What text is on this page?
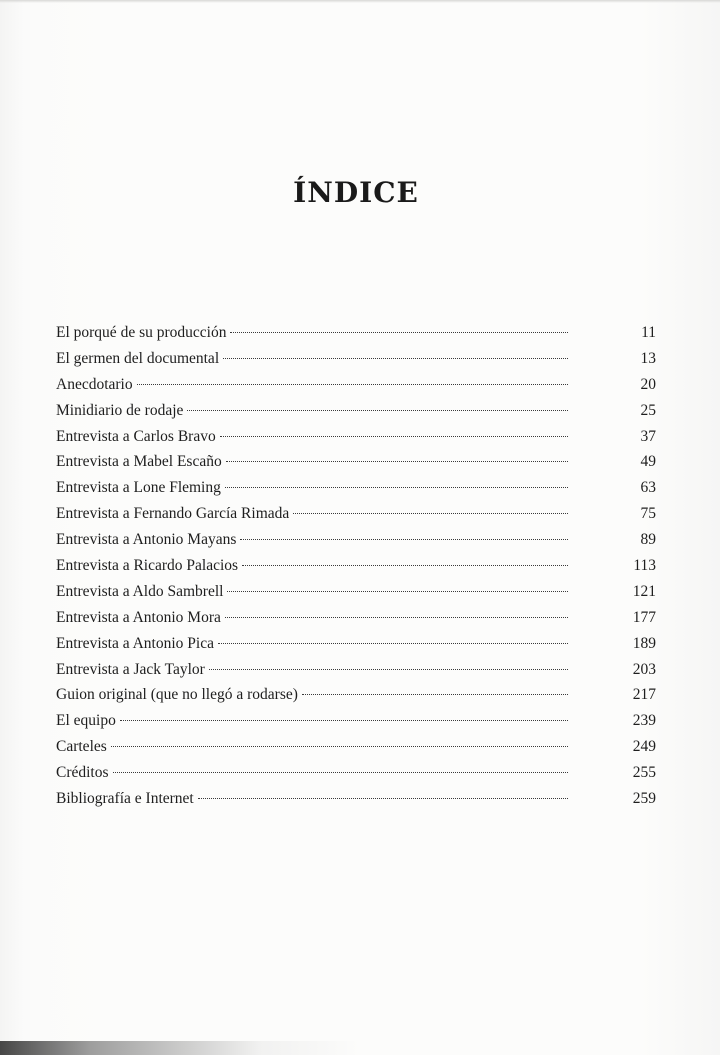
ÍNDICE
El porqué de su producción	11
El germen del documental	13
Anecdotario	20
Minidiario de rodaje	25
Entrevista a Carlos Bravo	37
Entrevista a Mabel Escaño	49
Entrevista a Lone Fleming	63
Entrevista a Fernando García Rimada	75
Entrevista a Antonio Mayans	89
Entrevista a Ricardo Palacios	113
Entrevista a Aldo Sambrell	121
Entrevista a Antonio Mora	177
Entrevista a Antonio Pica	189
Entrevista a Jack Taylor	203
Guion original (que no llegó a rodarse)	217
El equipo	239
Carteles	249
Créditos	255
Bibliografía e Internet	259
